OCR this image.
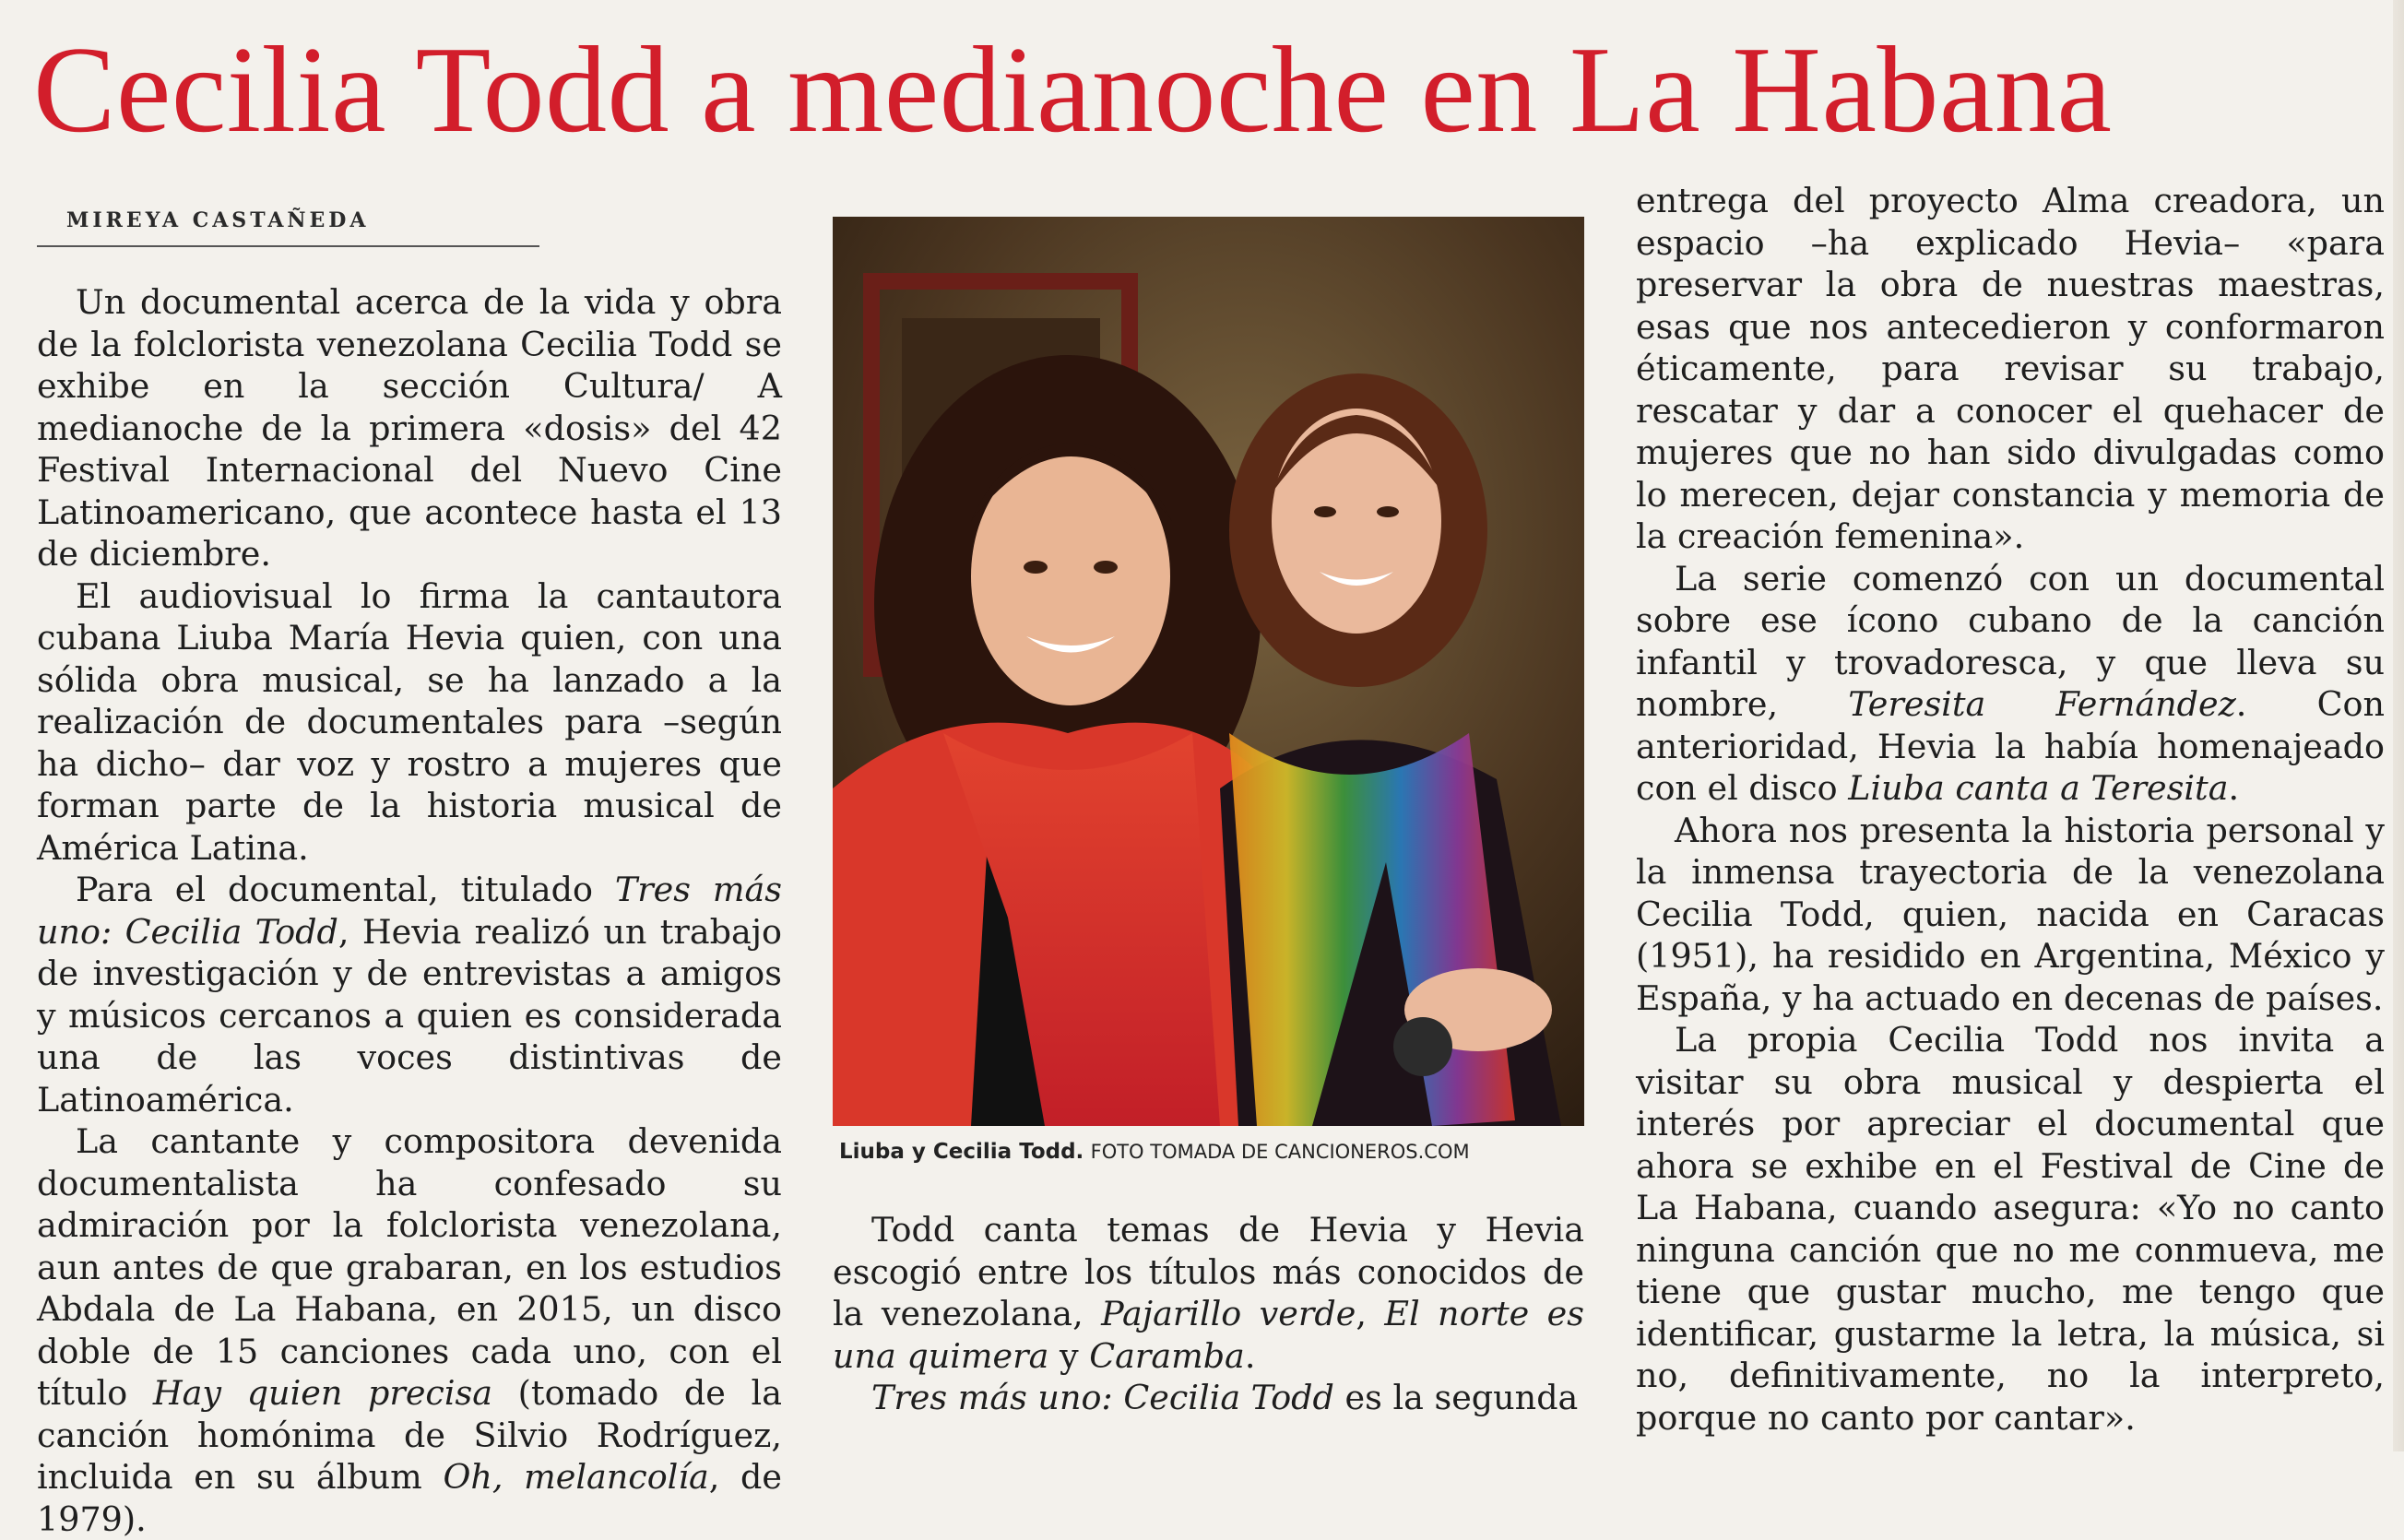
Cecilia Todd a medianoche en La Habana
MIREYA CASTAÑEDA

Un documental acerca de la vida y obra de la folclorista venezolana Cecilia Todd se exhibe en la sección Cultura/ A medianoche de la primera «dosis» del 42 Festival Internacional del Nuevo Cine Latinoamericano, que acontece hasta el 13 de diciembre.

El audiovisual lo firma la cantautora cubana Liuba María Hevia quien, con una sólida obra musical, se ha lanzado a la realización de documentales para –según ha dicho– dar voz y rostro a mujeres que forman parte de la historia musical de América Latina.

Para el documental, titulado Tres más uno: Cecilia Todd, Hevia realizó un trabajo de investigación y de entrevistas a amigos y músicos cercanos a quien es considerada una de las voces distintivas de Latinoamérica.

La cantante y compositora devenida documentalista ha confesado su admiración por la folclorista venezolana, aun antes de que grabaran, en los estudios Abdala de La Habana, en 2015, un disco doble de 15 canciones cada uno, con el título Hay quien precisa (tomado de la canción homónima de Silvio Rodríguez, incluida en su álbum Oh, melancolía, de 1979).

Liuba y Cecilia Todd. FOTO TOMADA DE CANCIONEROS.COM

Todd canta temas de Hevia y Hevia escogió entre los títulos más conocidos de la venezolana, Pajarillo verde, El norte es una quimera y Caramba.

Tres más uno: Cecilia Todd es la segunda

entrega del proyecto Alma creadora, un espacio –ha explicado Hevia– «para preservar la obra de nuestras maestras, esas que nos antecedieron y conformaron éticamente, para revisar su trabajo, rescatar y dar a conocer el quehacer de mujeres que no han sido divulgadas como lo merecen, dejar constancia y memoria de la creación femenina».

La serie comenzó con un documental sobre ese ícono cubano de la canción infantil y trovadoresca, y que lleva su nombre, Teresita Fernández. Con anterioridad, Hevia la había homenajeado con el disco Liuba canta a Teresita.

Ahora nos presenta la historia personal y la inmensa trayectoria de la venezolana Cecilia Todd, quien, nacida en Caracas (1951), ha residido en Argentina, México y España, y ha actuado en decenas de países.

La propia Cecilia Todd nos invita a visitar su obra musical y despierta el interés por apreciar el documental que ahora se exhibe en el Festival de Cine de La Habana, cuando asegura: «Yo no canto ninguna canción que no me conmueva, me tiene que gustar mucho, me tengo que identificar, gustarme la letra, la música, si no, definitivamente, no la interpreto, porque no canto por cantar».
